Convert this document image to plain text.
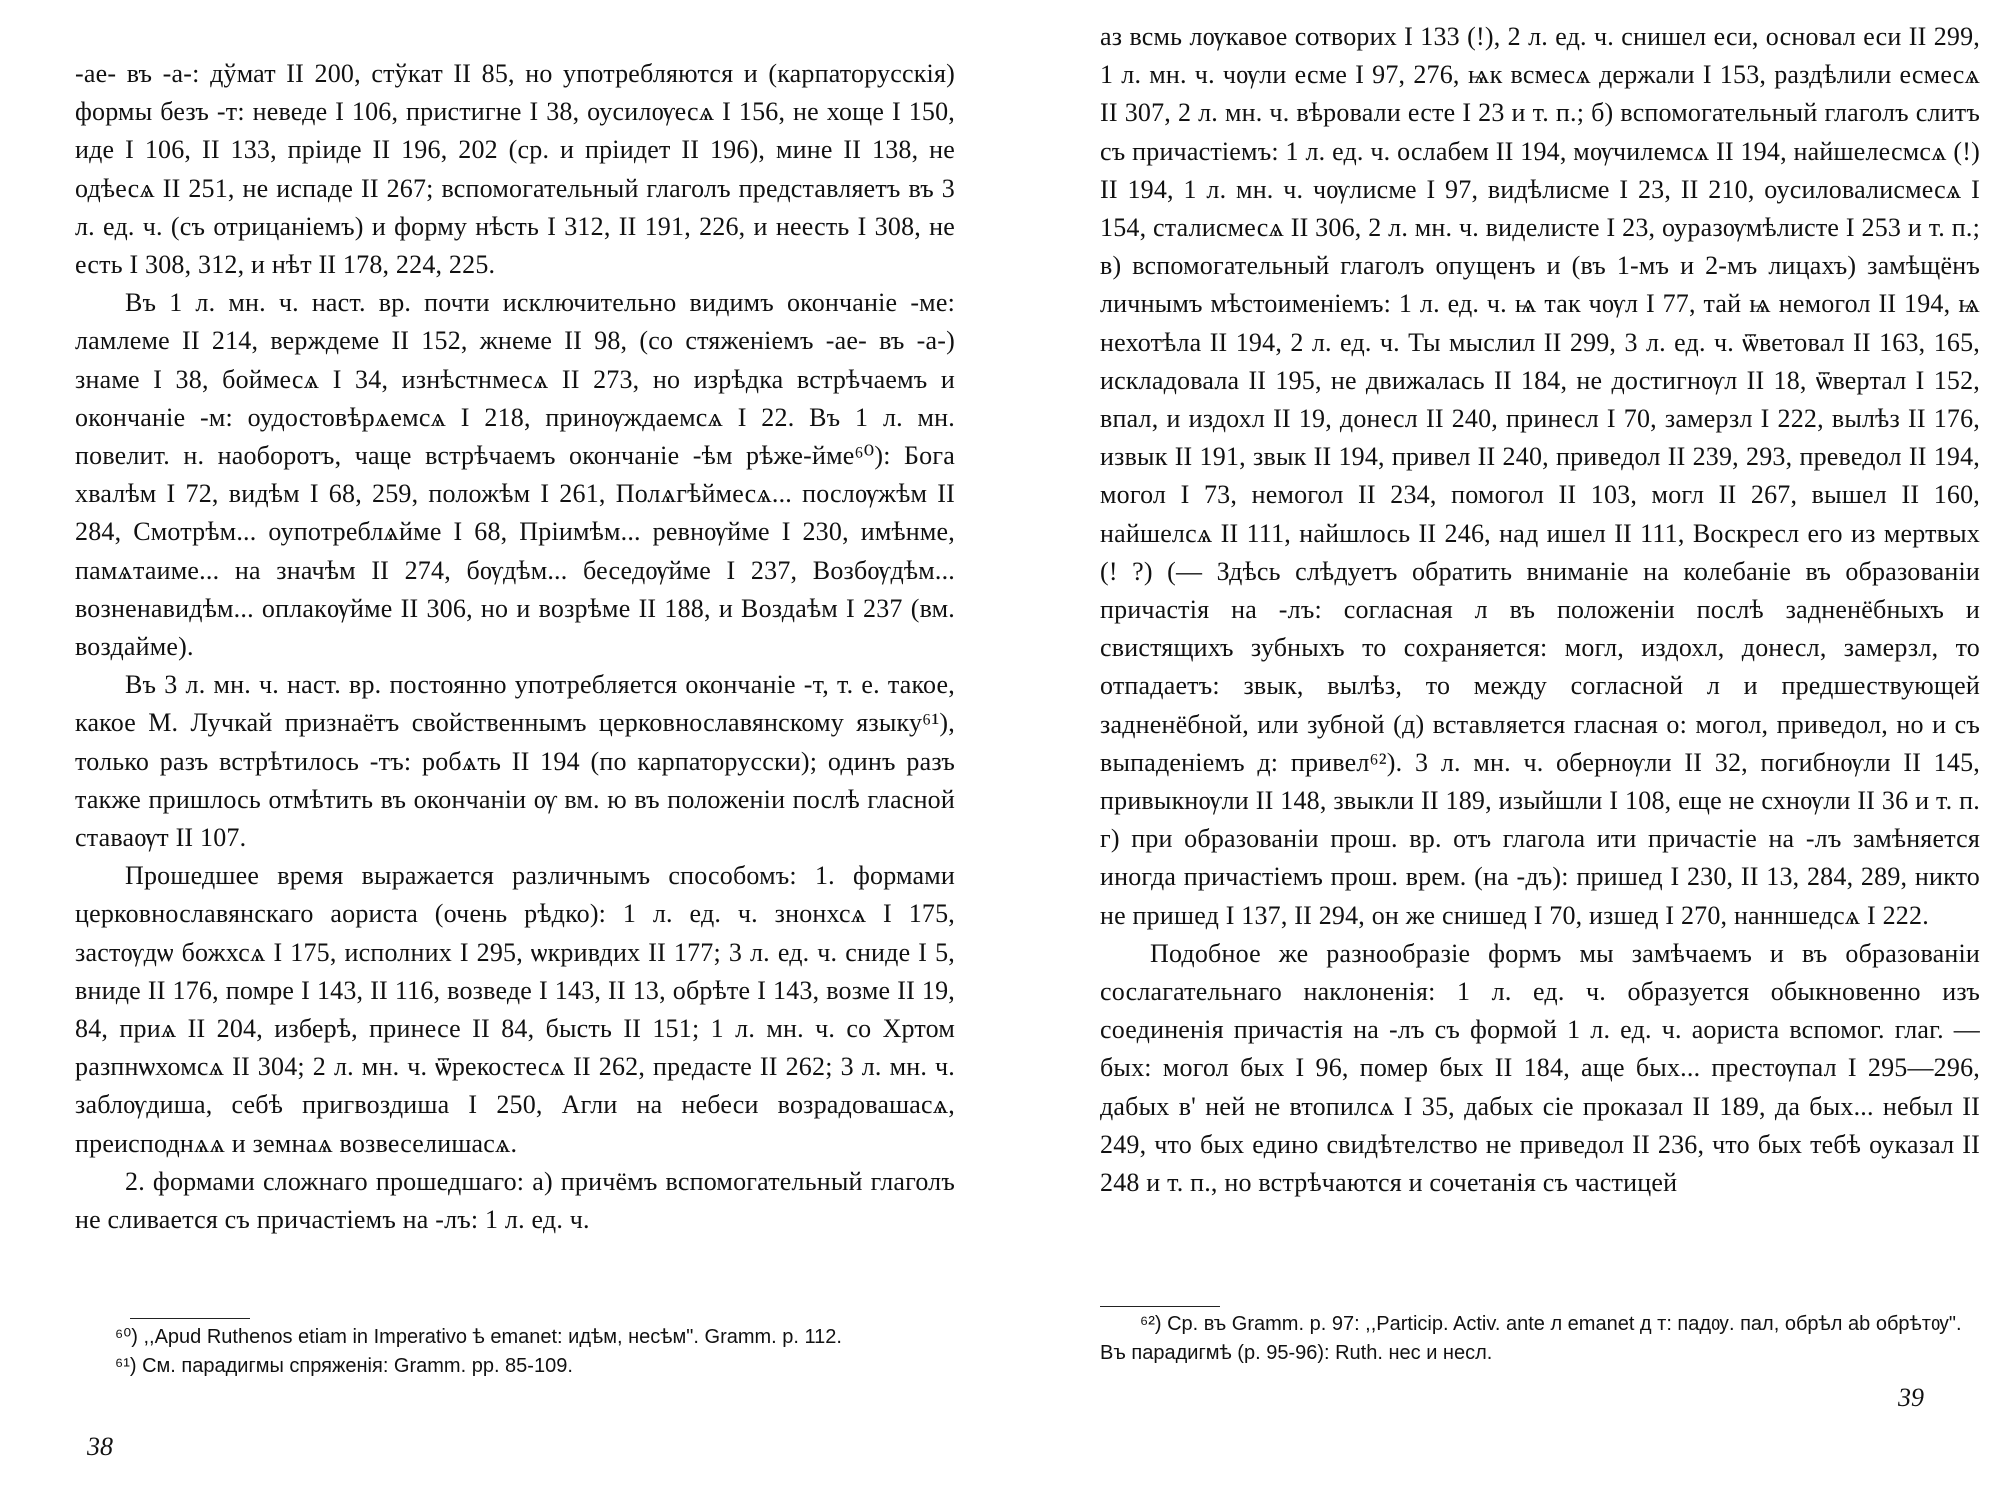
-ае- въ -а-: дўмат II 200, стўкат II 85, но употребляются и (карпаторусскія) формы безъ -т: неведе I 106, пристигне I 38, оусилѹесѧ I 156, не хоще I 150, иде I 106, II 133, пріиде II 196, 202 (ср. и пріидет II 196), мине II 138, не одѣесѧ II 251, не испаде II 267; вспомогательный глаголъ представляетъ въ 3 л. ед. ч. (съ отрицаніемъ) и форму нѣсть I 312, II 191, 226, и неесть I 308, не есть I 308, 312, и нѣт II 178, 224, 225.

Въ 1 л. мн. ч. наст. вр. почти исключительно видимъ окончаніе -ме: ламлеме II 214, верждеме II 152, жнеме II 98, (со стяженіемъ -ае- въ -а-) знаме I 38, боймесѧ I 34, изнѣстнмесѧ II 273, но изрѣдка встрѣчаемъ и окончаніе -м: оудостовѣрѧемсѧ I 218, принѹждаемсѧ I 22. Въ 1 л. мн. повелит. н. наоборотъ, чаще встрѣчаемъ окончаніе -ѣм рѣже-йме⁶⁰): Бога хвалѣм I 72, видѣм I 68, 259, положѣм I 261, Полѧгѣймесѧ... послѹжѣм II 284, Смотрѣм... оупотреблѧйме I 68, Пріимѣм... ревнѹйме I 230, имѣнме, памѧтаиме... на значѣм II 274, бѹдѣм... беседѹйме I 237, Возбѹдѣм... возненавидѣм... оплакѹйме II 306, но и возрѣме II 188, и Воздаѣм I 237 (вм. воздайме).

Въ 3 л. мн. ч. наст. вр. постоянно употребляется окончаніе -т, т. е. такое, какое М. Лучкай признаётъ свойственнымъ церковнославянскому языку⁶¹), только разъ встрѣтилось -тъ: робѧть II 194 (по карпаторусски); одинъ разъ также пришлось отмѣтить въ окончаніи ѹ вм. ю въ положеніи послѣ гласной ставаѹт II 107.

Прошедшее время выражается различнымъ способомъ: 1. формами церковнославянскаго аориста (очень рѣдко): 1 л. ед. ч. знонхсѧ I 175, застѹдѡ божхсѧ I 175, исполних I 295, ѡкривдих II 177; 3 л. ед. ч. сниде I 5, вниде II 176, помре I 143, II 116, возведе I 143, II 13, обрѣте I 143, возме II 19, 84, приѧ II 204, изберѣ, принесе II 84, бысть II 151; 1 л. мн. ч. со Хртом разпнѡхомсѧ II 304; 2 л. мн. ч. ѿрекостесѧ II 262, предасте II 262; 3 л. мн. ч. заблѹдиша, себѣ пригвоздиша I 250, Агли на небеси возрадовашасѧ, преисподнѧѧ и земнаѧ возвеселишасѧ.

2. формами сложнаго прошедшаго: а) причёмъ вспомогательный глаголъ не сливается съ причастіемъ на -лъ: 1 л. ед. ч.

⁶⁰) ,,Apud Ruthenos etiam in Imperativo ѣ emanet: идѣм, несѣм". Gramm. p. 112.

⁶¹) См. парадигмы спряженія: Gramm. pp. 85-109.

38

аз всмь лѹкавое сотворих I 133 (!), 2 л. ед. ч. снишел еси, основал еси II 299, 1 л. мн. ч. чѹли есме I 97, 276, ѩк всмесѧ держали I 153, раздѣлили есмесѧ II 307, 2 л. мн. ч. вѣровали есте I 23 и т. п.; б) вспомогательный глаголъ слитъ съ причастіемъ: 1 л. ед. ч. ослабем II 194, мѹчилемсѧ II 194, найшелесмсѧ (!) II 194, 1 л. мн. ч. чѹлисме I 97, видѣлисме I 23, II 210, оусиловалисмесѧ I 154, сталисмесѧ II 306, 2 л. мн. ч. виделисте I 23, оуразѹмѣлисте I 253 и т. п.; в) вспомогательный глаголъ опущенъ и (въ 1-мъ и 2-мъ лицахъ) замѣщёнъ личнымъ мѣстоименіемъ: 1 л. ед. ч. ѩ так чѹл I 77, тай ѩ немогол II 194, ѩ нехотѣла II 194, 2 л. ед. ч. Ты мыслил II 299, 3 л. ед. ч. ѿветовал II 163, 165, исклaдовала II 195, не движалась II 184, не достигнѹл II 18, ѿвертал I 152, впал, и издохл II 19, донесл II 240, принесл I 70, замерзл I 222, вылѣз II 176, извык II 191, звык II 194, привел II 240, приведол II 239, 293, преведол II 194, могол I 73, немогол II 234, помогол II 103, могл II 267, вышел II 160, найшелсѧ II 111, найшлось II 246, над ишел II 111, Воскресл его из мертвых (! ?) (— Здѣсь слѣдуетъ обратить вниманіе на колебаніе въ образованіи причастія на -лъ: согласная л въ положеніи послѣ задненёбныхъ и свистящихъ зубныхъ то сохраняется: могл, издохл, донесл, замерзл, то отпадаетъ: звык, вылѣз, то между согласной л и предшествующей задненёбной, или зубной (д) вставляется гласная о: могол, приведол, но и съ выпаденіемъ д: привел⁶²). 3 л. мн. ч. обернѹли II 32, погибнѹли II 145, привыкнѹли II 148, звыкли II 189, изыйшли I 108, еще не схнѹли II 36 и т. п. г) при образованіи прош. вр. отъ глагола ити причастіе на -лъ замѣняется иногда причастіемъ прош. врем. (на -дъ): пришед I 230, II 13, 284, 289, никто не пришед I 137, II 294, он же снишед I 70, изшед I 270, нанншедсѧ I 222.

Подобное же разнообразіе формъ мы замѣчаемъ и въ образованіи сослагательнаго наклоненія: 1 л. ед. ч. образуется обыкновенно изъ соединенія причастія на -лъ съ формой 1 л. ед. ч. аориста вспомог. глаг. — бых: могол бых I 96, помер бых II 184, аще бых... престѹпал I 295—296, дабых в' ней не втопилсѧ I 35, дабых сіе проказал II 189, да бых... небыл II 249, что бых едино свидѣтелство не приведол II 236, что бых тебѣ оуказал II 248 и т. п., но встрѣчаются и сочетанія съ частицей

⁶²) Ср. въ Gramm. p. 97: ,,Particip. Activ. ante л emanet д т: падѹ. пал, обрѣл ab обрѣтѹ". Въ парадигмѣ (p. 95-96): Ruth. нес и несл.

39
